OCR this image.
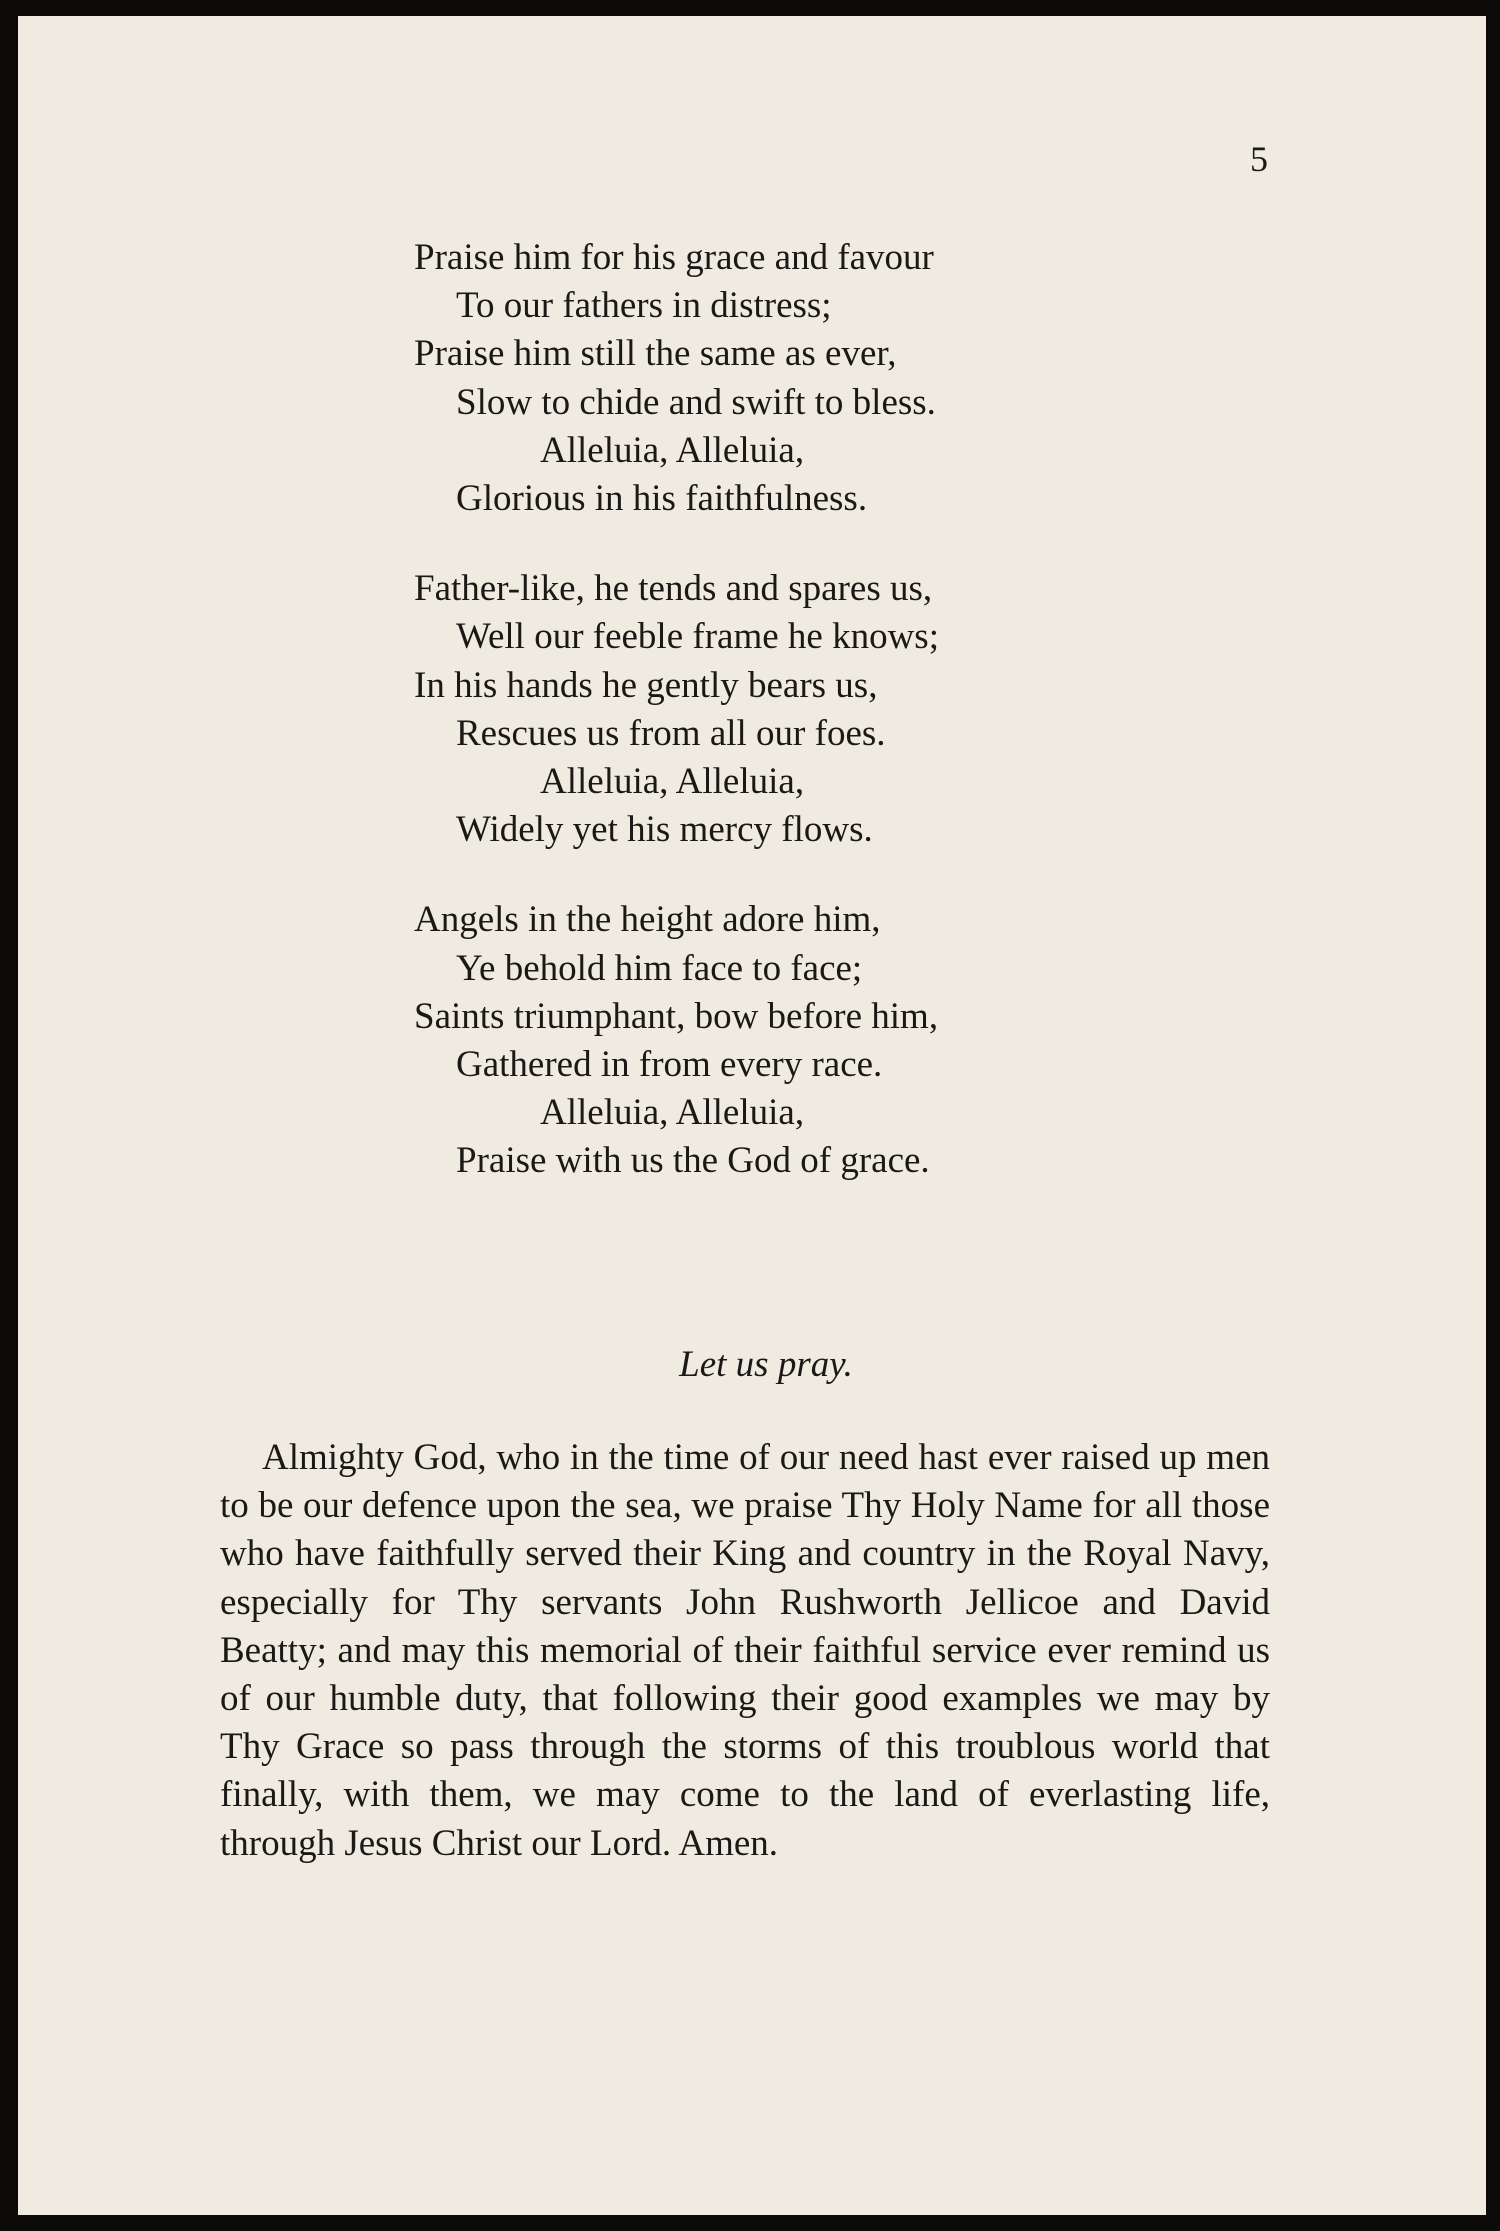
5
Praise him for his grace and favour
To our fathers in distress;
Praise him still the same as ever,
Slow to chide and swift to bless.
Alleluia, Alleluia,
Glorious in his faithfulness.
Father-like, he tends and spares us,
Well our feeble frame he knows;
In his hands he gently bears us,
Rescues us from all our foes.
Alleluia, Alleluia,
Widely yet his mercy flows.
Angels in the height adore him,
Ye behold him face to face;
Saints triumphant, bow before him,
Gathered in from every race.
Alleluia, Alleluia,
Praise with us the God of grace.
Let us pray.

Almighty God, who in the time of our need hast ever raised up men to be our defence upon the sea, we praise Thy Holy Name for all those who have faithfully served their King and country in the Royal Navy, especially for Thy servants John Rushworth Jellicoe and David Beatty; and may this memorial of their faithful service ever remind us of our humble duty, that following their good examples we may by Thy Grace so pass through the storms of this troublous world that finally, with them, we may come to the land of everlasting life, through Jesus Christ our Lord. Amen.
